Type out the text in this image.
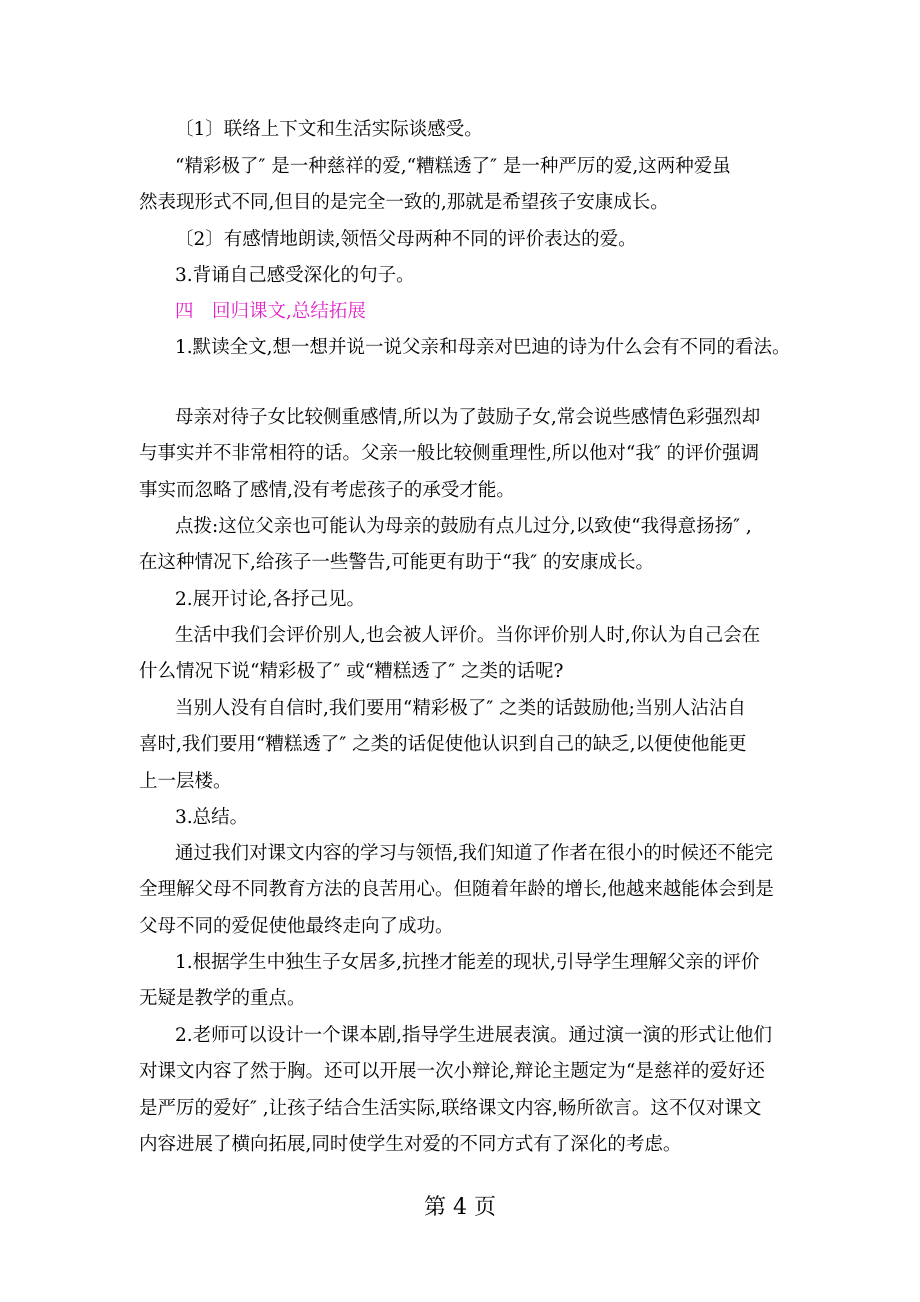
〔1〕联络上下文和生活实际谈感受。
“精彩极了″ 是一种慈祥的爱,“糟糕透了″ 是一种严厉的爱,这两种爱虽
然表现形式不同,但目的是完全一致的,那就是希望孩子安康成长。
〔2〕有感情地朗读,领悟父母两种不同的评价表达的爱。
3.背诵自己感受深化的句子。
四　回归课文,总结拓展
1.默读全文,想一想并说一说父亲和母亲对巴迪的诗为什么会有不同的看法。
母亲对待子女比较侧重感情,所以为了鼓励子女,常会说些感情色彩强烈却
与事实并不非常相符的话。父亲一般比较侧重理性,所以他对“我″ 的评价强调
事实而忽略了感情,没有考虑孩子的承受才能。
点拨:这位父亲也可能认为母亲的鼓励有点儿过分,以致使“我得意扬扬″ ,
在这种情况下,给孩子一些警告,可能更有助于“我″ 的安康成长。
2.展开讨论,各抒己见。
生活中我们会评价别人,也会被人评价。当你评价别人时,你认为自己会在
什么情况下说“精彩极了″ 或“糟糕透了″ 之类的话呢?
当别人没有自信时,我们要用“精彩极了″ 之类的话鼓励他;当别人沾沾自
喜时,我们要用“糟糕透了″ 之类的话促使他认识到自己的缺乏,以便使他能更
上一层楼。
3.总结。
通过我们对课文内容的学习与领悟,我们知道了作者在很小的时候还不能完
全理解父母不同教育方法的良苦用心。但随着年龄的增长,他越来越能体会到是
父母不同的爱促使他最终走向了成功。
1.根据学生中独生子女居多,抗挫才能差的现状,引导学生理解父亲的评价
无疑是教学的重点。
2.老师可以设计一个课本剧,指导学生进展表演。通过演一演的形式让他们
对课文内容了然于胸。还可以开展一次小辩论,辩论主题定为“是慈祥的爱好还
是严厉的爱好″ ,让孩子结合生活实际,联络课文内容,畅所欲言。这不仅对课文
内容进展了横向拓展,同时使学生对爱的不同方式有了深化的考虑。
第 4 页
